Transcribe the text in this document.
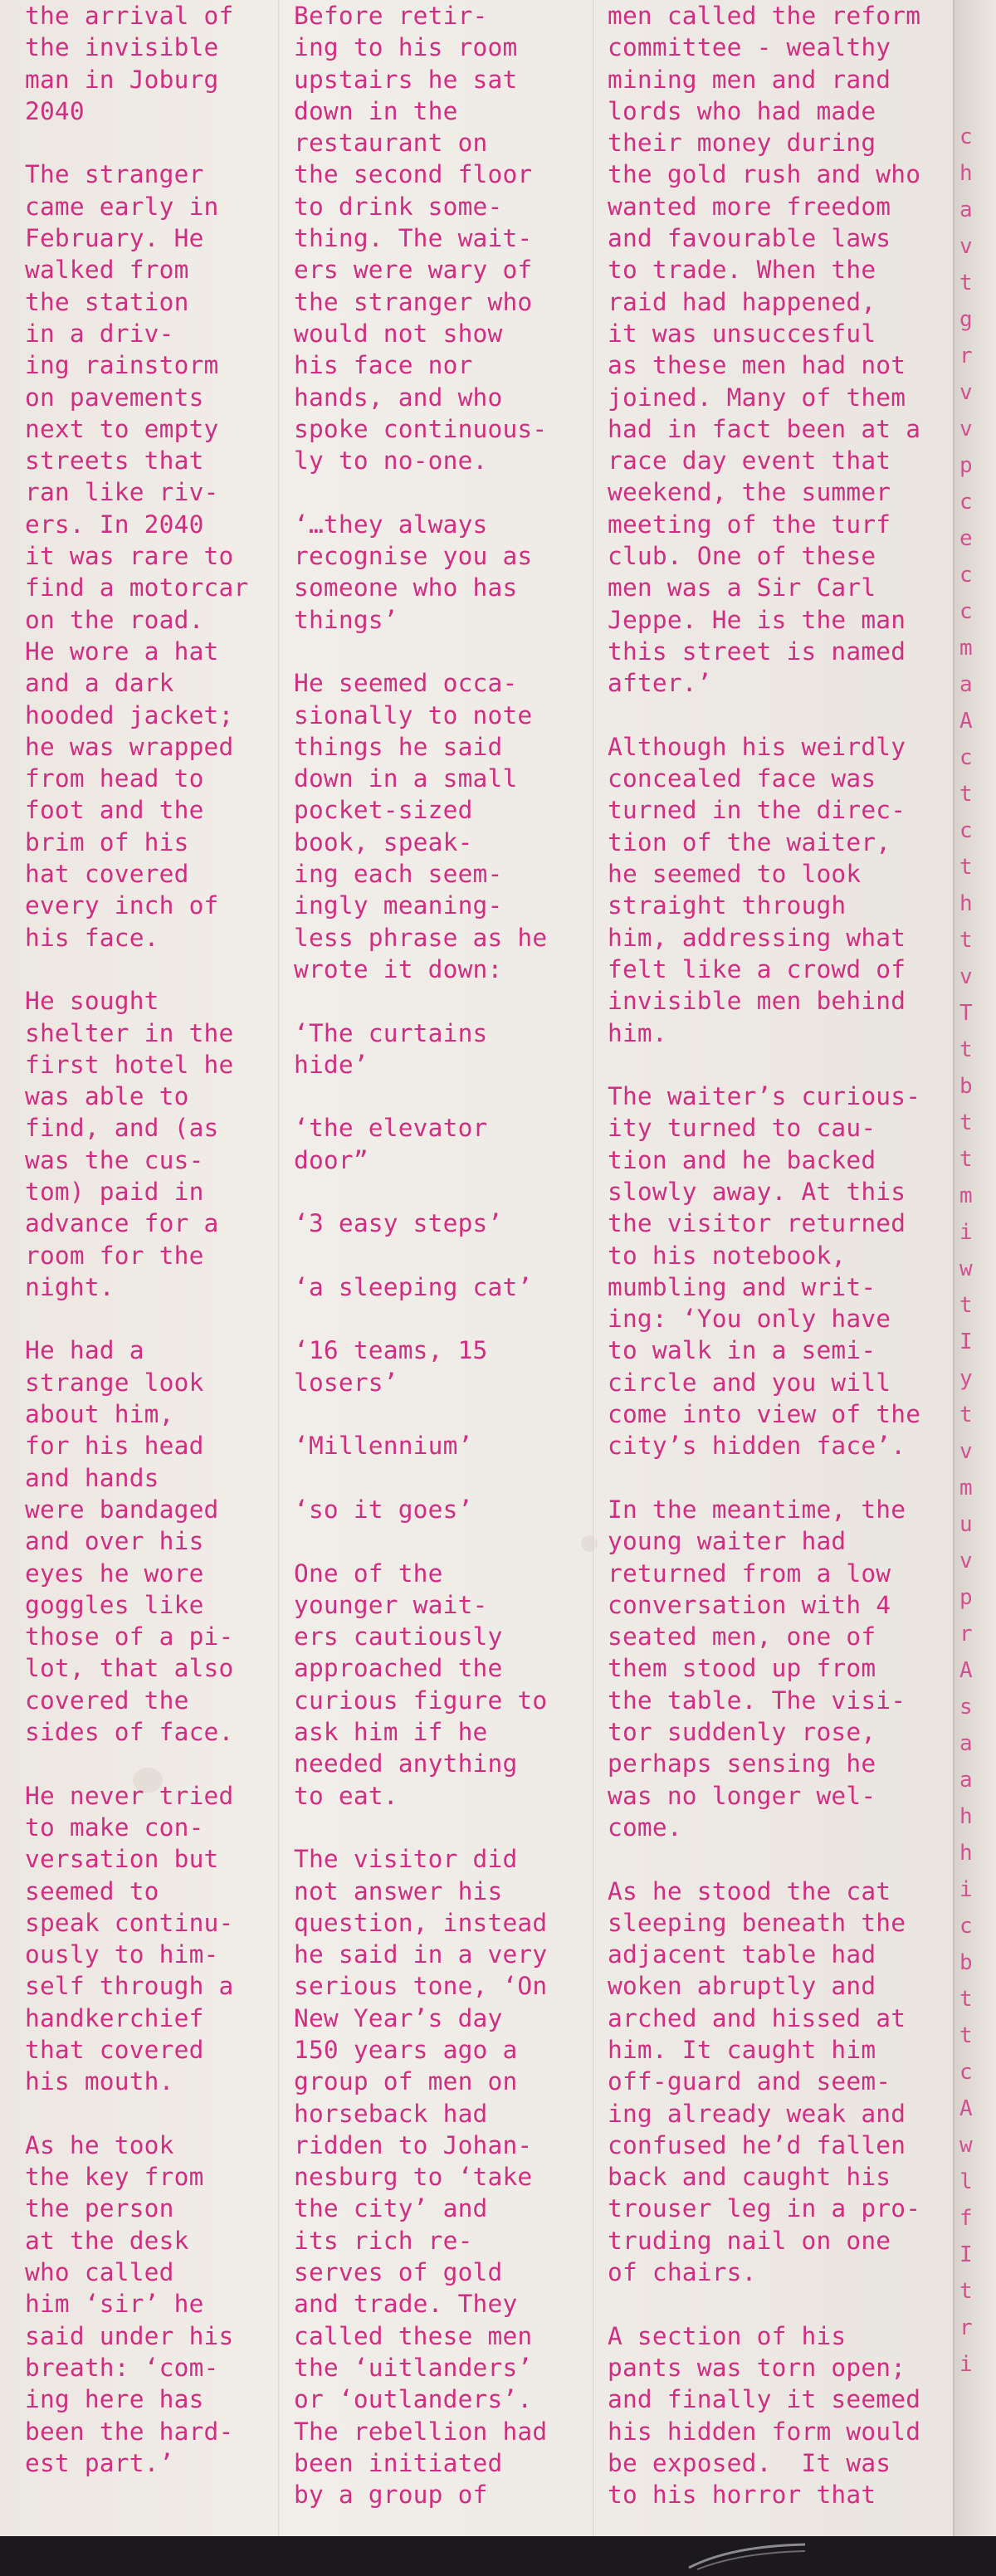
the arrival of
the invisible
man in Joburg
2040

The stranger
came early in
February. He
walked from
the station
in a driv-
ing rainstorm
on pavements
next to empty
streets that
ran like riv-
ers. In 2040
it was rare to
find a motorcar
on the road.
He wore a hat
and a dark
hooded jacket;
he was wrapped
from head to
foot and the
brim of his
hat covered
every inch of
his face.

He sought
shelter in the
first hotel he
was able to
find, and (as
was the cus-
tom) paid in
advance for a
room for the
night.

He had a
strange look
about him,
for his head
and hands
were bandaged
and over his
eyes he wore
goggles like
those of a pi-
lot, that also
covered the
sides of face.

He never tried
to make con-
versation but
seemed to
speak continu-
ously to him-
self through a
handkerchief
that covered
his mouth.

As he took
the key from
the person
at the desk
who called
him ‘sir’ he
said under his
breath: ‘com-
ing here has
been the hard-
est part.’

Before retir-
ing to his room
upstairs he sat
down in the
restaurant on
the second floor
to drink some-
thing. The wait-
ers were wary of
the stranger who
would not show
his face nor
hands, and who
spoke continuous-
ly to no-one.

‘…they always
recognise you as
someone who has
things’

He seemed occa-
sionally to note
things he said
down in a small
pocket-sized
book, speak-
ing each seem-
ingly meaning-
less phrase as he
wrote it down:

‘The curtains
hide’

‘the elevator
door”

‘3 easy steps’

‘a sleeping cat’

‘16 teams, 15
losers’

‘Millennium’

‘so it goes’

One of the
younger wait-
ers cautiously
approached the
curious figure to
ask him if he
needed anything
to eat.

The visitor did
not answer his
question, instead
he said in a very
serious tone, ‘On
New Year’s day
150 years ago a
group of men on
horseback had
ridden to Johan-
nesburg to ‘take
the city’ and
its rich re-
serves of gold
and trade. They
called these men
the ‘uitlanders’
or ‘outlanders’.
The rebellion had
been initiated
by a group of

men called the reform
committee - wealthy
mining men and rand
lords who had made
their money during
the gold rush and who
wanted more freedom
and favourable laws
to trade. When the
raid had happened,
it was unsuccesful
as these men had not
joined. Many of them
had in fact been at a
race day event that
weekend, the summer
meeting of the turf
club. One of these
men was a Sir Carl
Jeppe. He is the man
this street is named
after.’

Although his weirdly
concealed face was
turned in the direc-
tion of the waiter,
he seemed to look
straight through
him, addressing what
felt like a crowd of
invisible men behind
him.

The waiter’s curious-
ity turned to cau-
tion and he backed
slowly away. At this
the visitor returned
to his notebook,
mumbling and writ-
ing: ‘You only have
to walk in a semi-
circle and you will
come into view of the
city’s hidden face’.

In the meantime, the
young waiter had
returned from a low
conversation with 4
seated men, one of
them stood up from
the table. The visi-
tor suddenly rose,
perhaps sensing he
was no longer wel-
come.

As he stood the cat
sleeping beneath the
adjacent table had
woken abruptly and
arched and hissed at
him. It caught him
off-guard and seem-
ing already weak and
confused he’d fallen
back and caught his
trouser leg in a pro-
truding nail on one
of chairs.

A section of his
pants was torn open;
and finally it seemed
his hidden form would
be exposed.  It was
to his horror that

c
h
a
v
t
g
r
v
v
p
c
e
c
c
m
a
A
c
t
c
t
h
t
v
T
t
b
t
t
m
i
w
t
I
y
t
v
m
u
v
p
r
A
s
a
a
h
h
i
c
b
t
t
c
A
w
l
f
I
t
r
i
